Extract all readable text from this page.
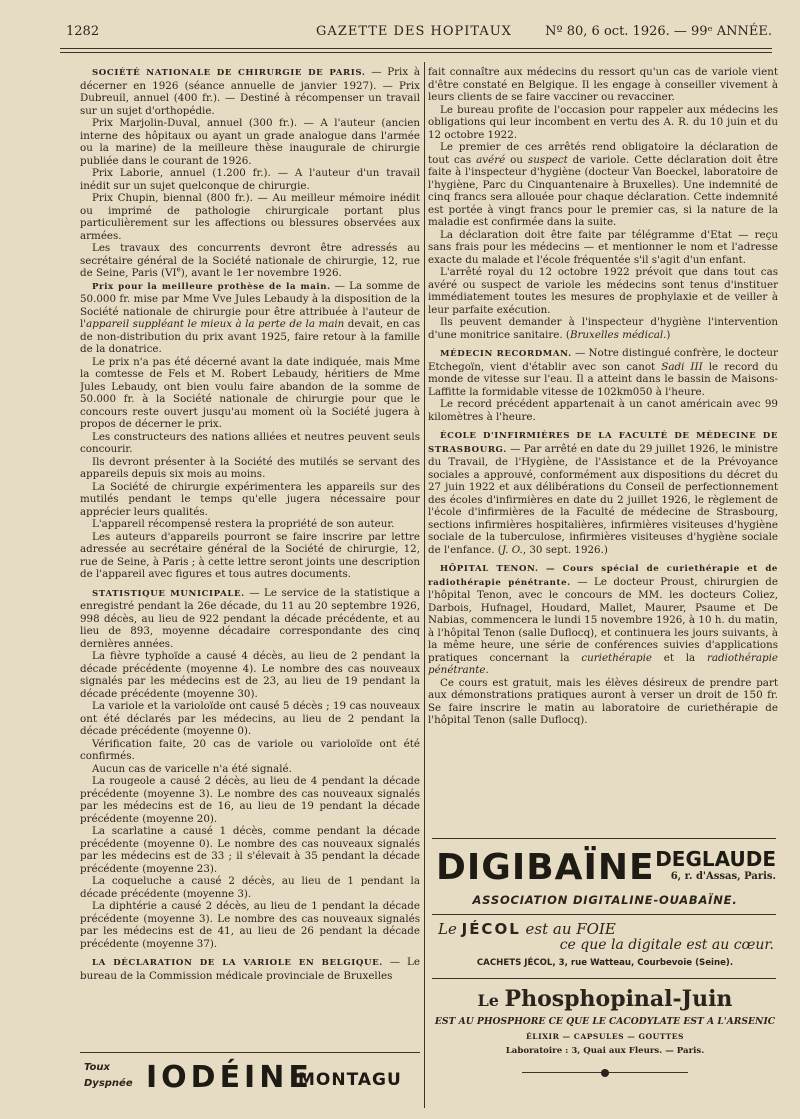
1282	GAZETTE DES HOPITAUX	Nº 80, 6 oct. 1926. — 99ᵉ ANNÉE.

SOCIÉTÉ NATIONALE DE CHIRURGIE DE PARIS. — Prix à décerner en 1926 (séance annuelle de janvier 1927). — Prix Dubreuil, annuel (400 fr.). — Destiné à récompenser un travail sur un sujet d'orthopédie.

Prix Marjolin-Duval, annuel (300 fr.). — A l'auteur (ancien interne des hôpitaux ou ayant un grade analogue dans l'armée ou la marine) de la meilleure thèse inaugurale de chirurgie publiée dans le courant de 1926.

Prix Laborie, annuel (1.200 fr.). — A l'auteur d'un travail inédit sur un sujet quelconque de chirurgie.

Prix Chupin, biennal (800 fr.). — Au meilleur mémoire inédit ou imprimé de pathologie chirurgicale portant plus particulièrement sur les affections ou blessures observées aux armées.

Les travaux des concurrents devront être adressés au secrétaire général de la Société nationale de chirurgie, 12, rue de Seine, Paris (VIe), avant le 1er novembre 1926.

Prix pour la meilleure prothèse de la main. — La somme de 50.000 fr. mise par Mme Vve Jules Lebaudy à la disposition de la Société nationale de chirurgie pour être attribuée à l'auteur de l'appareil suppléant le mieux à la perte de la main devait, en cas de non-distribution du prix avant 1925, faire retour à la famille de la donatrice.

Le prix n'a pas été décerné avant la date indiquée, mais Mme la comtesse de Fels et M. Robert Lebaudy, héritiers de Mme Jules Lebaudy, ont bien voulu faire abandon de la somme de 50.000 fr. à la Société nationale de chirurgie pour que le concours reste ouvert jusqu'au moment où la Société jugera à propos de décerner le prix.

Les constructeurs des nations alliées et neutres peuvent seuls concourir.

Ils devront présenter à la Société des mutilés se servant des appareils depuis six mois au moins.

La Société de chirurgie expérimentera les appareils sur des mutilés pendant le temps qu'elle jugera nécessaire pour apprécier leurs qualités.

L'appareil récompensé restera la propriété de son auteur.

Les auteurs d'appareils pourront se faire inscrire par lettre adressée au secrétaire général de la Société de chirurgie, 12, rue de Seine, à Paris ; à cette lettre seront joints une description de l'appareil avec figures et tous autres documents.

STATISTIQUE MUNICIPALE. — Le service de la statistique a enregistré pendant la 26e décade, du 11 au 20 septembre 1926, 998 décès, au lieu de 922 pendant la décade précédente, et au lieu de 893, moyenne décadaire correspondante des cinq dernières années.

La fièvre typhoïde a causé 4 décès, au lieu de 2 pendant la décade précédente (moyenne 4). Le nombre des cas nouveaux signalés par les médecins est de 23, au lieu de 19 pendant la décade précédente (moyenne 30).

La variole et la varioloïde ont causé 5 décès ; 19 cas nouveaux ont été déclarés par les médecins, au lieu de 2 pendant la décade précédente (moyenne 0).

Vérification faite, 20 cas de variole ou varioloïde ont été confirmés.

Aucun cas de varicelle n'a été signalé.

La rougeole a causé 2 décès, au lieu de 4 pendant la décade précédente (moyenne 3). Le nombre des cas nouveaux signalés par les médecins est de 16, au lieu de 19 pendant la décade précédente (moyenne 20).

La scarlatine a causé 1 décès, comme pendant la décade précédente (moyenne 0). Le nombre des cas nouveaux signalés par les médecins est de 33 ; il s'élevait à 35 pendant la décade précédente (moyenne 23).

La coqueluche a causé 2 décès, au lieu de 1 pendant la décade précédente (moyenne 3).

La diphtérie a causé 2 décès, au lieu de 1 pendant la décade précédente (moyenne 3). Le nombre des cas nouveaux signalés par les médecins est de 41, au lieu de 26 pendant la décade précédente (moyenne 37).

LA DÉCLARATION DE LA VARIOLE EN BELGIQUE. — Le bureau de la Commission médicale provinciale de Bruxelles

fait connaître aux médecins du ressort qu'un cas de variole vient d'être constaté en Belgique. Il les engage à conseiller vivement à leurs clients de se faire vacciner ou revacciner.

Le bureau profite de l'occasion pour rappeler aux médecins les obligations qui leur incombent en vertu des A. R. du 10 juin et du 12 octobre 1922.

Le premier de ces arrêtés rend obligatoire la déclaration de tout cas avéré ou suspect de variole. Cette déclaration doit être faite à l'inspecteur d'hygiène (docteur Van Boeckel, laboratoire de l'hygiène, Parc du Cinquantenaire à Bruxelles). Une indemnité de cinq francs sera allouée pour chaque déclaration. Cette indemnité est portée à vingt francs pour le premier cas, si la nature de la maladie est confirmée dans la suite.

La déclaration doit être faite par télégramme d'Etat — reçu sans frais pour les médecins — et mentionner le nom et l'adresse exacte du malade et l'école fréquentée s'il s'agit d'un enfant.

L'arrêté royal du 12 octobre 1922 prévoit que dans tout cas avéré ou suspect de variole les médecins sont tenus d'instituer immédiatement toutes les mesures de prophylaxie et de veiller à leur parfaite exécution.

Ils peuvent demander à l'inspecteur d'hygiène l'intervention d'une monitrice sanitaire. (Bruxelles médical.)

MÉDECIN RECORDMAN. — Notre distingué confrère, le docteur Etchegoïn, vient d'établir avec son canot Sadi III le record du monde de vitesse sur l'eau. Il a atteint dans le bassin de Maisons-Laffitte la formidable vitesse de 102km050 à l'heure.

Le record précédent appartenait à un canot américain avec 99 kilomètres à l'heure.

ÉCOLE D'INFIRMIÈRES DE LA FACULTÉ DE MÉDECINE DE STRASBOURG. — Par arrêté en date du 29 juillet 1926, le ministre du Travail, de l'Hygiène, de l'Assistance et de la Prévoyance sociales a approuvé, conformément aux dispositions du décret du 27 juin 1922 et aux délibérations du Conseil de perfectionnement des écoles d'infirmières en date du 2 juillet 1926, le règlement de l'école d'infirmières de la Faculté de médecine de Strasbourg, sections infirmières hospitalières, infirmières visiteuses d'hygiène sociale de la tuberculose, infirmières visiteuses d'hygiène sociale de l'enfance. (J. O., 30 sept. 1926.)

HÔPITAL TENON. — Cours spécial de curiethérapie et de radiothérapie pénétrante. — Le docteur Proust, chirurgien de l'hôpital Tenon, avec le concours de MM. les docteurs Coliez, Darbois, Hufnagel, Houdard, Mallet, Maurer, Psaume et De Nabias, commencera le lundi 15 novembre 1926, à 10 h. du matin, à l'hôpital Tenon (salle Duflocq), et continuera les jours suivants, à la même heure, une série de conférences suivies d'applications pratiques concernant la curiethérapie et la radiothérapie pénétrante.

Ce cours est gratuit, mais les élèves désireux de prendre part aux démonstrations pratiques auront à verser un droit de 150 fr. Se faire inscrire le matin au laboratoire de curiethérapie de l'hôpital Tenon (salle Duflocq).

DIGIBAÏNE DEGLAUDE
6, r. d'Assas, Paris.
ASSOCIATION DIGITALINE-OUABAÏNE.
Le JÉCOL est au FOIE
ce que la digitale est au cœur.
CACHETS JÉCOL, 3, rue Watteau, Courbevoie (Seine).
Le Phosphopinal-Juin
EST AU PHOSPHORE CE QUE LE CACODYLATE EST A L'ARSENIC
ÉLIXIR — CAPSULES — GOUTTES
Laboratoire : 3, Quai aux Fleurs. — Paris.
Toux
Dyspnée IODÉINE
MONTAGU
